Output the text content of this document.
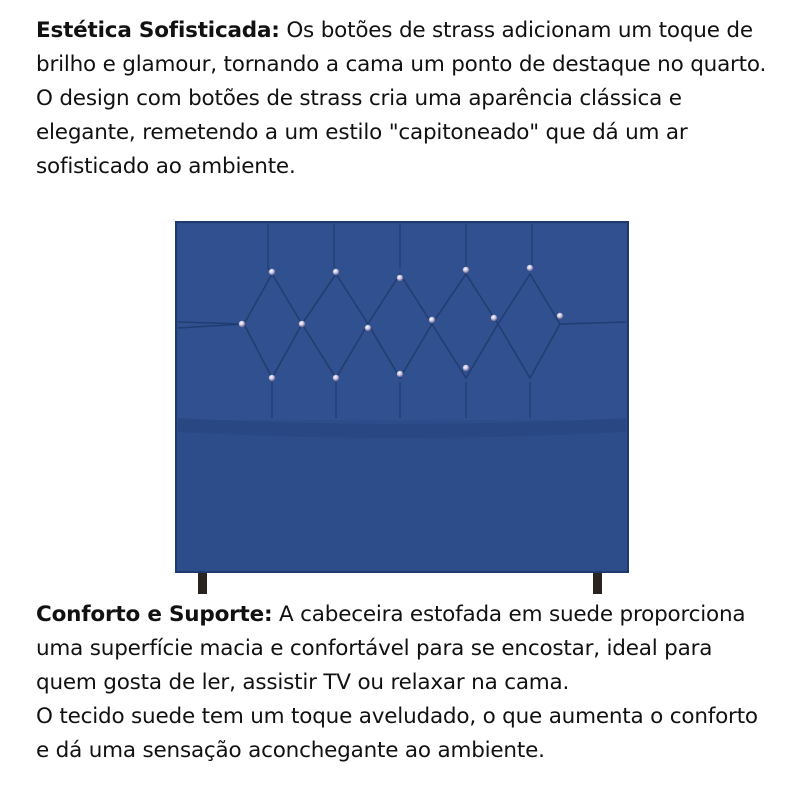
Estética Sofisticada: Os botões de strass adicionam um toque de brilho e glamour, tornando a cama um ponto de destaque no quarto.

O design com botões de strass cria uma aparência clássica e elegante, remetendo a um estilo "capitoneado" que dá um ar sofisticado ao ambiente.

Conforto e Suporte: A cabeceira estofada em suede proporciona uma superfície macia e confortável para se encostar, ideal para quem gosta de ler, assistir TV ou relaxar na cama.

O tecido suede tem um toque aveludado, o que aumenta o conforto e dá uma sensação aconchegante ao ambiente.
